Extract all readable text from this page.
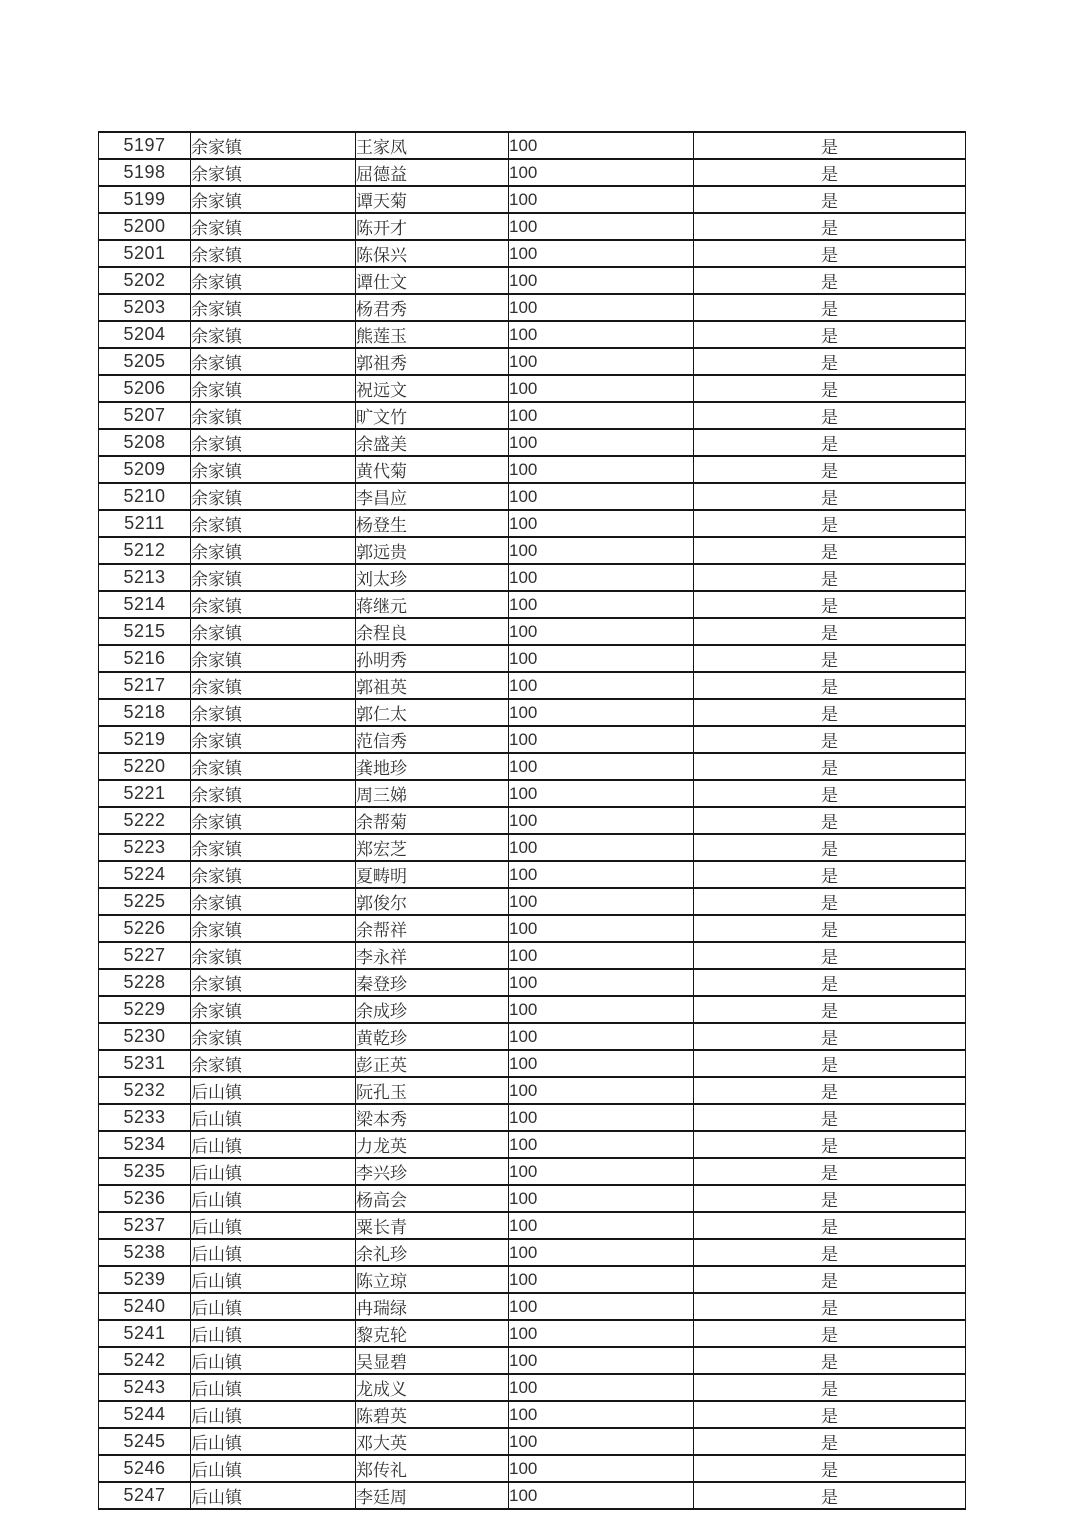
5197	余家镇	王家凤	100	是
5198	余家镇	屈德益	100	是
5199	余家镇	谭天菊	100	是
5200	余家镇	陈开才	100	是
5201	余家镇	陈保兴	100	是
5202	余家镇	谭仕文	100	是
5203	余家镇	杨君秀	100	是
5204	余家镇	熊莲玉	100	是
5205	余家镇	郭祖秀	100	是
5206	余家镇	祝远文	100	是
5207	余家镇	旷文竹	100	是
5208	余家镇	余盛美	100	是
5209	余家镇	黄代菊	100	是
5210	余家镇	李昌应	100	是
5211	余家镇	杨登生	100	是
5212	余家镇	郭远贵	100	是
5213	余家镇	刘太珍	100	是
5214	余家镇	蒋继元	100	是
5215	余家镇	余程良	100	是
5216	余家镇	孙明秀	100	是
5217	余家镇	郭祖英	100	是
5218	余家镇	郭仁太	100	是
5219	余家镇	范信秀	100	是
5220	余家镇	龚地珍	100	是
5221	余家镇	周三娣	100	是
5222	余家镇	余帮菊	100	是
5223	余家镇	郑宏芝	100	是
5224	余家镇	夏畴明	100	是
5225	余家镇	郭俊尔	100	是
5226	余家镇	余帮祥	100	是
5227	余家镇	李永祥	100	是
5228	余家镇	秦登珍	100	是
5229	余家镇	余成珍	100	是
5230	余家镇	黄乾珍	100	是
5231	余家镇	彭正英	100	是
5232	后山镇	阮孔玉	100	是
5233	后山镇	梁本秀	100	是
5234	后山镇	力龙英	100	是
5235	后山镇	李兴珍	100	是
5236	后山镇	杨高会	100	是
5237	后山镇	粟长青	100	是
5238	后山镇	余礼珍	100	是
5239	后山镇	陈立琼	100	是
5240	后山镇	冉瑞绿	100	是
5241	后山镇	黎克轮	100	是
5242	后山镇	吴显碧	100	是
5243	后山镇	龙成义	100	是
5244	后山镇	陈碧英	100	是
5245	后山镇	邓大英	100	是
5246	后山镇	郑传礼	100	是
5247	后山镇	李廷周	100	是
